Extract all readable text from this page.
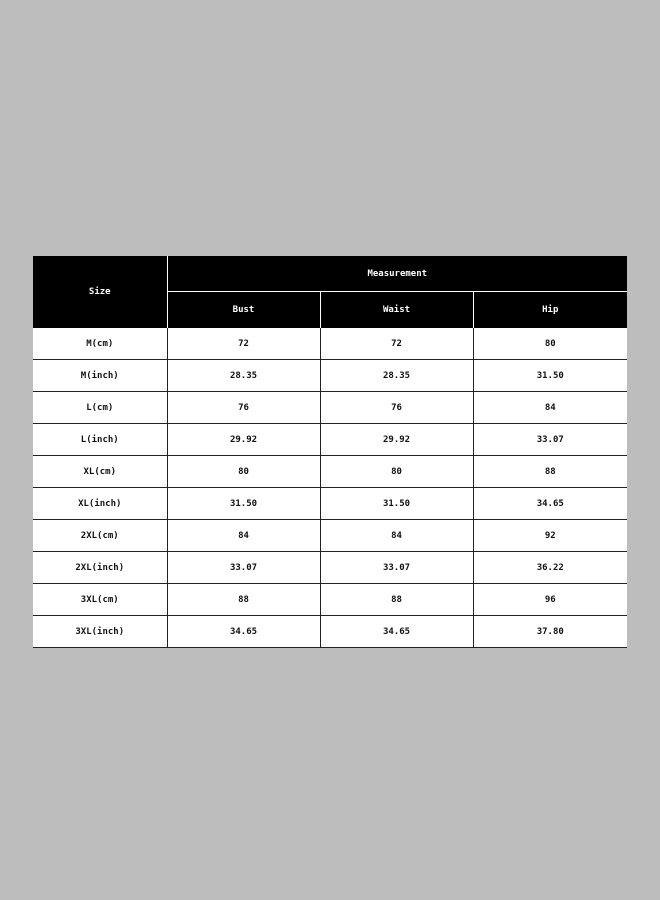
Size	Measurement		
	Bust	Waist	Hip
M(cm)	72	72	80
M(inch)	28.35	28.35	31.50
L(cm)	76	76	84
L(inch)	29.92	29.92	33.07
XL(cm)	80	80	88
XL(inch)	31.50	31.50	34.65
2XL(cm)	84	84	92
2XL(inch)	33.07	33.07	36.22
3XL(cm)	88	88	96
3XL(inch)	34.65	34.65	37.80
